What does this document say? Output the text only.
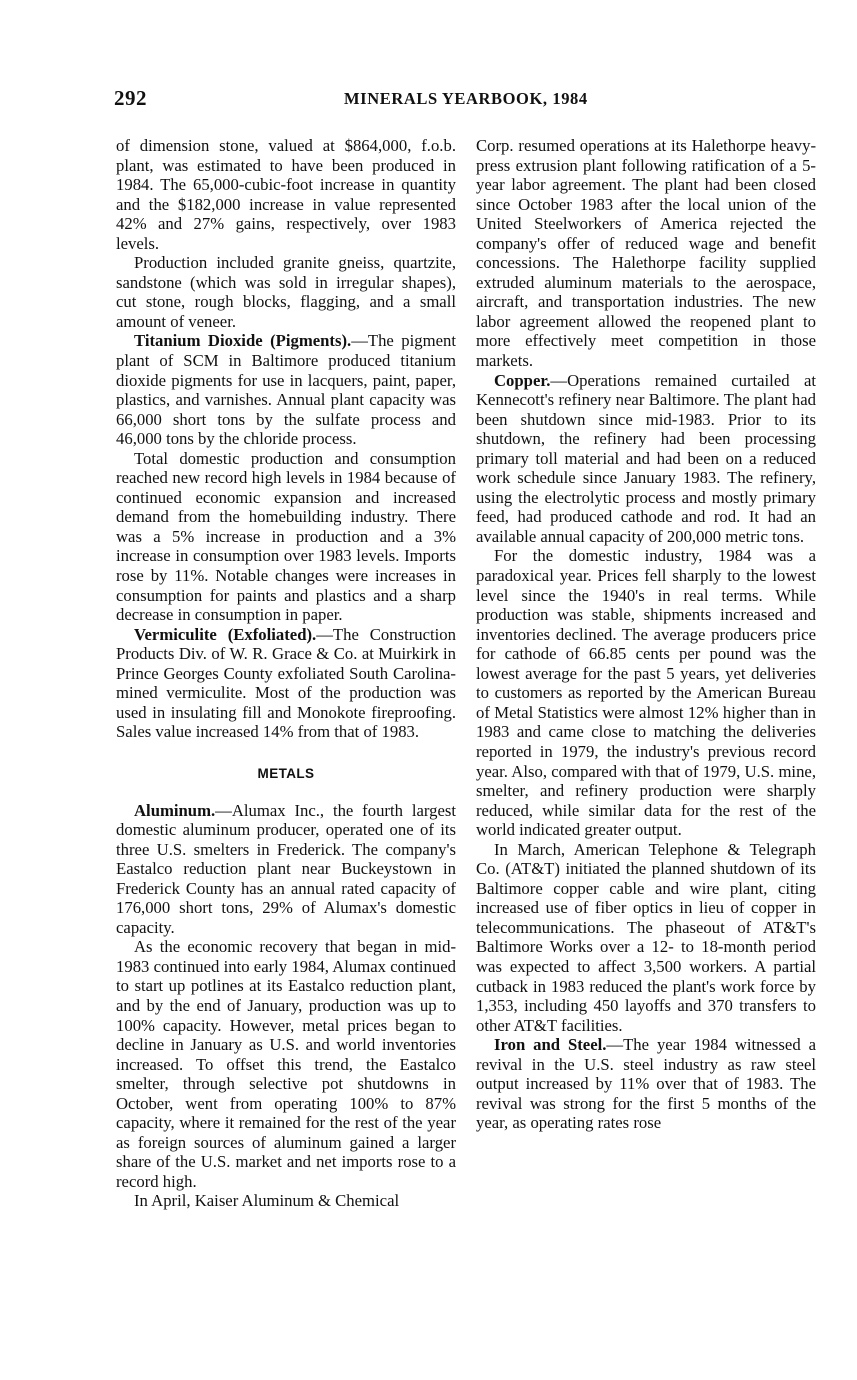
292	MINERALS YEARBOOK, 1984

of dimension stone, valued at $864,000, f.o.b. plant, was estimated to have been produced in 1984. The 65,000-cubic-foot increase in quantity and the $182,000 increase in value represented 42% and 27% gains, respectively, over 1983 levels.

Production included granite gneiss, quartzite, sandstone (which was sold in irregular shapes), cut stone, rough blocks, flagging, and a small amount of veneer.

Titanium Dioxide (Pigments).—The pigment plant of SCM in Baltimore produced titanium dioxide pigments for use in lacquers, paint, paper, plastics, and varnishes. Annual plant capacity was 66,000 short tons by the sulfate process and 46,000 tons by the chloride process.

Total domestic production and consumption reached new record high levels in 1984 because of continued economic expansion and increased demand from the homebuilding industry. There was a 5% increase in production and a 3% increase in consumption over 1983 levels. Imports rose by 11%. Notable changes were increases in consumption for paints and plastics and a sharp decrease in consumption in paper.

Vermiculite (Exfoliated).—The Construction Products Div. of W. R. Grace & Co. at Muirkirk in Prince Georges County exfoliated South Carolina-mined vermiculite. Most of the production was used in insulating fill and Monokote fireproofing. Sales value increased 14% from that of 1983.

METALS

Aluminum.—Alumax Inc., the fourth largest domestic aluminum producer, operated one of its three U.S. smelters in Frederick. The company's Eastalco reduction plant near Buckeystown in Frederick County has an annual rated capacity of 176,000 short tons, 29% of Alumax's domestic capacity.

As the economic recovery that began in mid-1983 continued into early 1984, Alumax continued to start up potlines at its Eastalco reduction plant, and by the end of January, production was up to 100% capacity. However, metal prices began to decline in January as U.S. and world inventories increased. To offset this trend, the Eastalco smelter, through selective pot shutdowns in October, went from operating 100% to 87% capacity, where it remained for the rest of the year as foreign sources of aluminum gained a larger share of the U.S. market and net imports rose to a record high.

In April, Kaiser Aluminum & Chemical

Corp. resumed operations at its Halethorpe heavy-press extrusion plant following ratification of a 5-year labor agreement. The plant had been closed since October 1983 after the local union of the United Steelworkers of America rejected the company's offer of reduced wage and benefit concessions. The Halethorpe facility supplied extruded aluminum materials to the aerospace, aircraft, and transportation industries. The new labor agreement allowed the reopened plant to more effectively meet competition in those markets.

Copper.—Operations remained curtailed at Kennecott's refinery near Baltimore. The plant had been shutdown since mid-1983. Prior to its shutdown, the refinery had been processing primary toll material and had been on a reduced work schedule since January 1983. The refinery, using the electrolytic process and mostly primary feed, had produced cathode and rod. It had an available annual capacity of 200,000 metric tons.

For the domestic industry, 1984 was a paradoxical year. Prices fell sharply to the lowest level since the 1940's in real terms. While production was stable, shipments increased and inventories declined. The average producers price for cathode of 66.85 cents per pound was the lowest average for the past 5 years, yet deliveries to customers as reported by the American Bureau of Metal Statistics were almost 12% higher than in 1983 and came close to matching the deliveries reported in 1979, the industry's previous record year. Also, compared with that of 1979, U.S. mine, smelter, and refinery production were sharply reduced, while similar data for the rest of the world indicated greater output.

In March, American Telephone & Telegraph Co. (AT&T) initiated the planned shutdown of its Baltimore copper cable and wire plant, citing increased use of fiber optics in lieu of copper in telecommunications. The phaseout of AT&T's Baltimore Works over a 12- to 18-month period was expected to affect 3,500 workers. A partial cutback in 1983 reduced the plant's work force by 1,353, including 450 layoffs and 370 transfers to other AT&T facilities.

Iron and Steel.—The year 1984 witnessed a revival in the U.S. steel industry as raw steel output increased by 11% over that of 1983. The revival was strong for the first 5 months of the year, as operating rates rose
